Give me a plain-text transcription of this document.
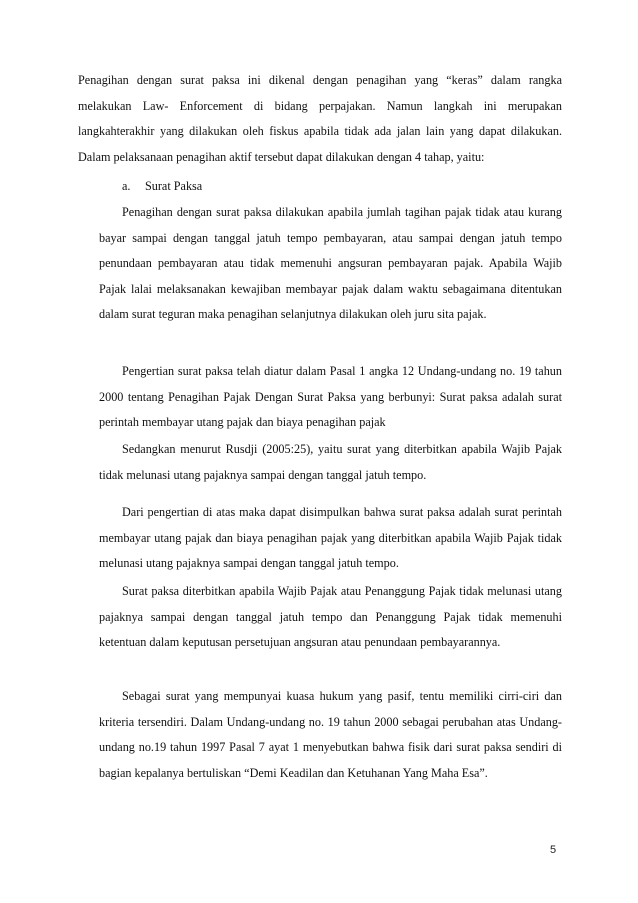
Penagihan dengan surat paksa ini dikenal dengan penagihan yang “keras” dalam rangka melakukan Law- Enforcement di bidang perpajakan. Namun langkah ini merupakan langkahterakhir yang dilakukan oleh fiskus apabila tidak ada jalan lain yang dapat dilakukan. Dalam pelaksanaan penagihan aktif tersebut dapat dilakukan dengan 4 tahap, yaitu:

a. Surat Paksa

Penagihan dengan surat paksa dilakukan apabila jumlah tagihan pajak tidak atau kurang bayar sampai dengan tanggal jatuh tempo pembayaran, atau sampai dengan jatuh tempo penundaan pembayaran atau tidak memenuhi angsuran pembayaran pajak. Apabila Wajib Pajak lalai melaksanakan kewajiban membayar pajak dalam waktu sebagaimana ditentukan dalam surat teguran maka penagihan selanjutnya dilakukan oleh juru sita pajak.

Pengertian surat paksa telah diatur dalam Pasal 1 angka 12 Undang-undang no. 19 tahun 2000 tentang Penagihan Pajak Dengan Surat Paksa yang berbunyi: Surat paksa adalah surat perintah membayar utang pajak dan biaya penagihan pajak

Sedangkan menurut Rusdji (2005:25), yaitu surat yang diterbitkan apabila Wajib Pajak tidak melunasi utang pajaknya sampai dengan tanggal jatuh tempo.

Dari pengertian di atas maka dapat disimpulkan bahwa surat paksa adalah surat perintah membayar utang pajak dan biaya penagihan pajak yang diterbitkan apabila Wajib Pajak tidak melunasi utang pajaknya sampai dengan tanggal jatuh tempo.

Surat paksa diterbitkan apabila Wajib Pajak atau Penanggung Pajak tidak melunasi utang pajaknya sampai dengan tanggal jatuh tempo dan Penanggung Pajak tidak memenuhi ketentuan dalam keputusan persetujuan angsuran atau penundaan pembayarannya.

Sebagai surat yang mempunyai kuasa hukum yang pasif, tentu memiliki cirri-ciri dan kriteria tersendiri. Dalam Undang-undang no. 19 tahun 2000 sebagai perubahan atas Undang-undang no.19 tahun 1997 Pasal 7 ayat 1 menyebutkan bahwa fisik dari surat paksa sendiri di bagian kepalanya bertuliskan “Demi Keadilan dan Ketuhanan Yang Maha Esa”.

5
